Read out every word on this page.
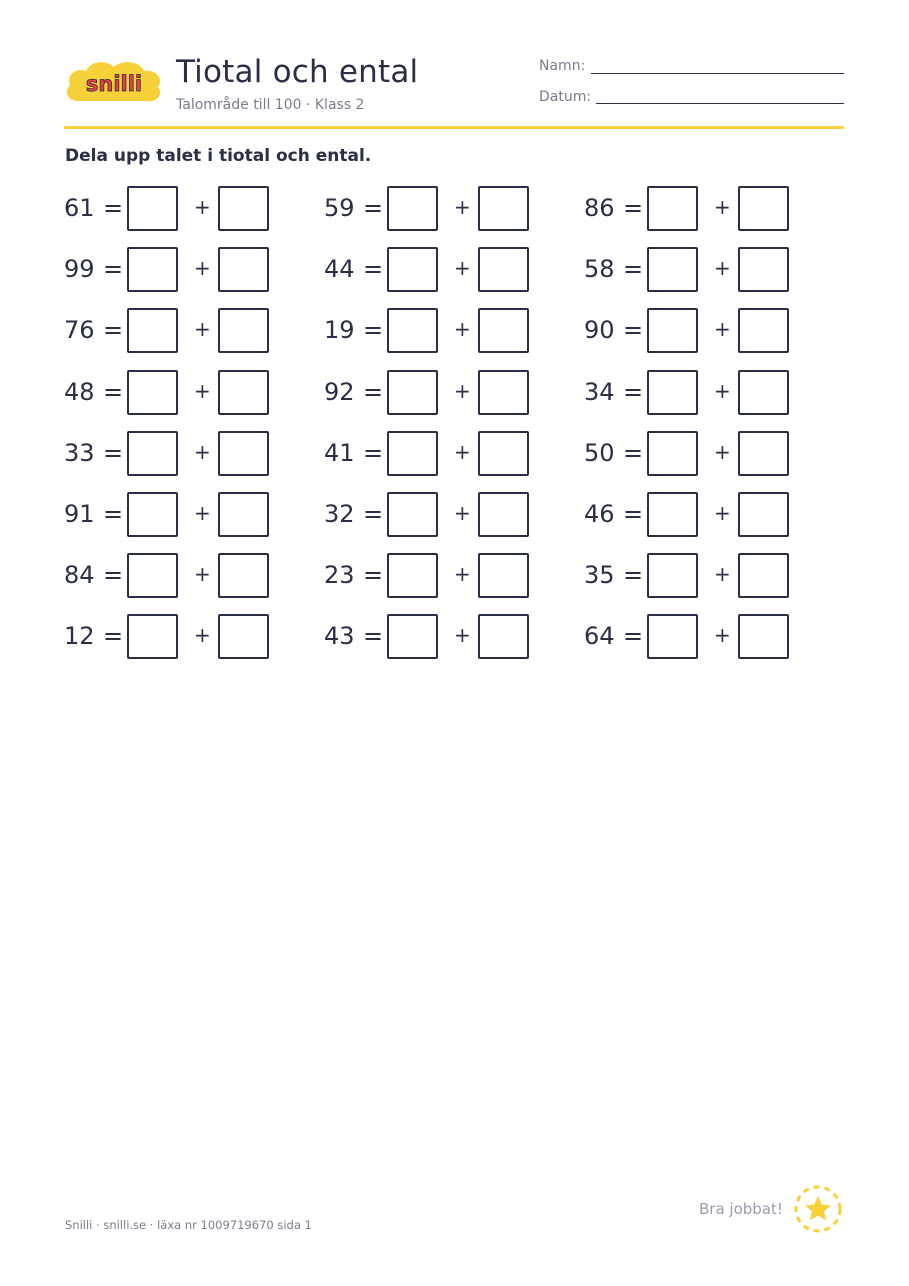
snilli Tiotal och ental
Talområde till 100 · Klass 2
Namn:
Datum:
Dela upp talet i tiotal och ental.
61 =	+	59 =	+	86 =	+
99 =	+	44 =	+	58 =	+
76 =	+	19 =	+	90 =	+
48 =	+	92 =	+	34 =	+
33 =	+	41 =	+	50 =	+
91 =	+	32 =	+	46 =	+
84 =	+	23 =	+	35 =	+
12 =	+	43 =	+	64 =	+
Snilli · snilli.se · läxa nr 1009719670 sida 1
Bra jobbat!
